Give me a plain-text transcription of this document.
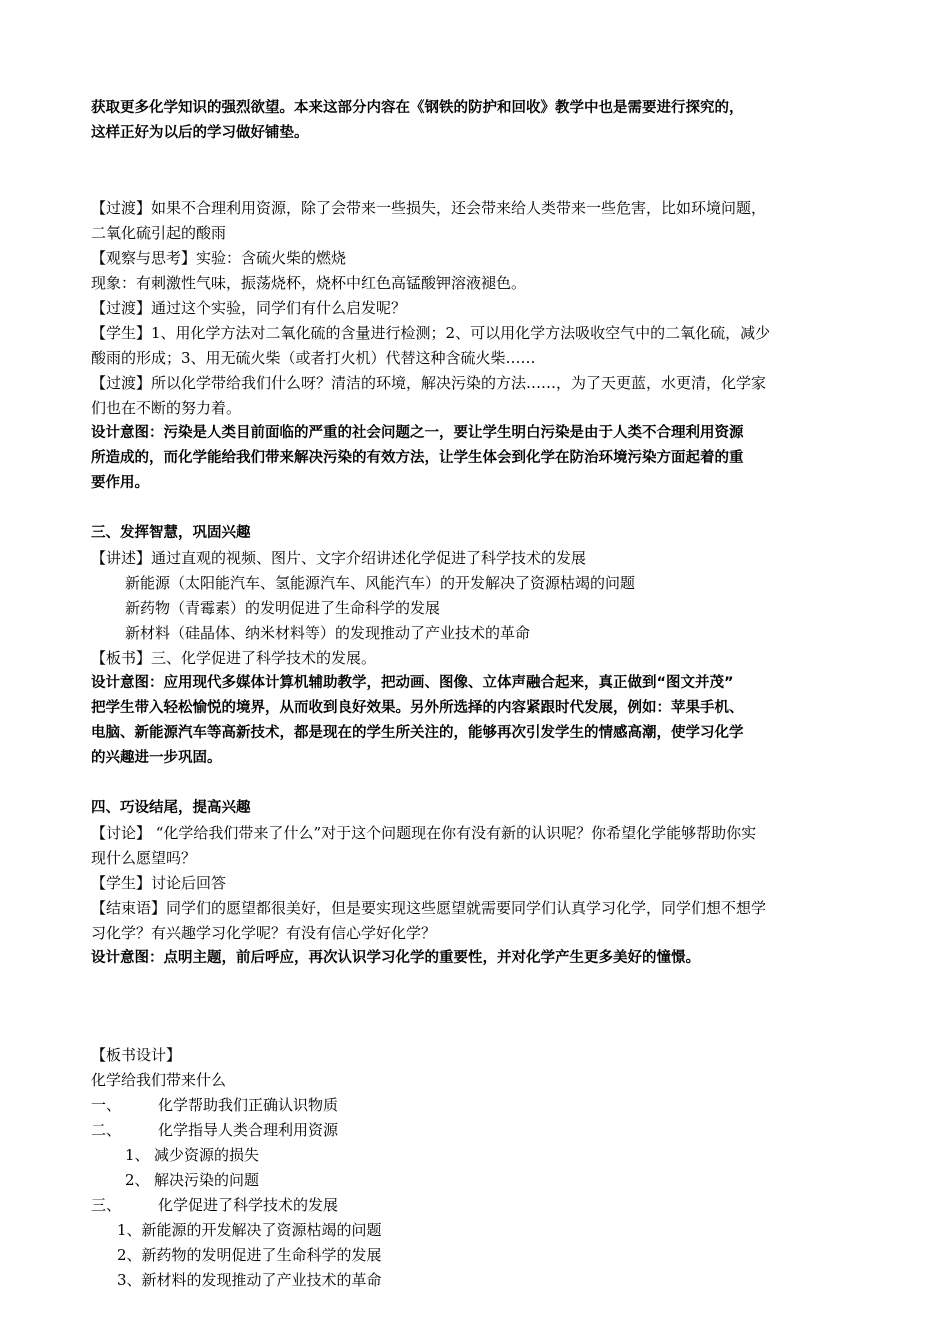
获取更多化学知识的强烈欲望。本来这部分内容在《钢铁的防护和回收》教学中也是需要进行探究的，
这样正好为以后的学习做好铺垫。
【过渡】如果不合理利用资源，除了会带来一些损失，还会带来给人类带来一些危害，比如环境问题，
二氧化硫引起的酸雨
【观察与思考】实验：含硫火柴的燃烧
现象：有刺激性气味，振荡烧杯，烧杯中红色高锰酸钾溶液褪色。
【过渡】通过这个实验，同学们有什么启发呢？
【学生】1、用化学方法对二氧化硫的含量进行检测；2、可以用化学方法吸收空气中的二氧化硫，减少
酸雨的形成；3、用无硫火柴（或者打火机）代替这种含硫火柴……
【过渡】所以化学带给我们什么呀？清洁的环境，解决污染的方法……，为了天更蓝，水更清，化学家
们也在不断的努力着。
设计意图：污染是人类目前面临的严重的社会问题之一，要让学生明白污染是由于人类不合理利用资源
所造成的，而化学能给我们带来解决污染的有效方法，让学生体会到化学在防治环境污染方面起着的重
要作用。
三、发挥智慧，巩固兴趣
【讲述】通过直观的视频、图片、文字介绍讲述化学促进了科学技术的发展
新能源（太阳能汽车、氢能源汽车、风能汽车）的开发解决了资源枯竭的问题
新药物（青霉素）的发明促进了生命科学的发展
新材料（硅晶体、纳米材料等）的发现推动了产业技术的革命
【板书】三、化学促进了科学技术的发展。
设计意图：应用现代多媒体计算机辅助教学，把动画、图像、立体声融合起来，真正做到“图文并茂”
把学生带入轻松愉悦的境界，从而收到良好效果。另外所选择的内容紧跟时代发展，例如：苹果手机、
电脑、新能源汽车等高新技术，都是现在的学生所关注的，能够再次引发学生的情感高潮，使学习化学
的兴趣进一步巩固。
四、巧设结尾，提高兴趣
【讨论】 “化学给我们带来了什么”对于这个问题现在你有没有新的认识呢？你希望化学能够帮助你实
现什么愿望吗？
【学生】讨论后回答
【结束语】同学们的愿望都很美好，但是要实现这些愿望就需要同学们认真学习化学，同学们想不想学
习化学？有兴趣学习化学呢？有没有信心学好化学？
设计意图：点明主题，前后呼应，再次认识学习化学的重要性，并对化学产生更多美好的憧憬。
【板书设计】
化学给我们带来什么
一、 化学帮助我们正确认识物质
二、 化学指导人类合理利用资源
1、 减少资源的损失
2、 解决污染的问题
三、 化学促进了科学技术的发展
1、新能源的开发解决了资源枯竭的问题
2、新药物的发明促进了生命科学的发展
3、新材料的发现推动了产业技术的革命
